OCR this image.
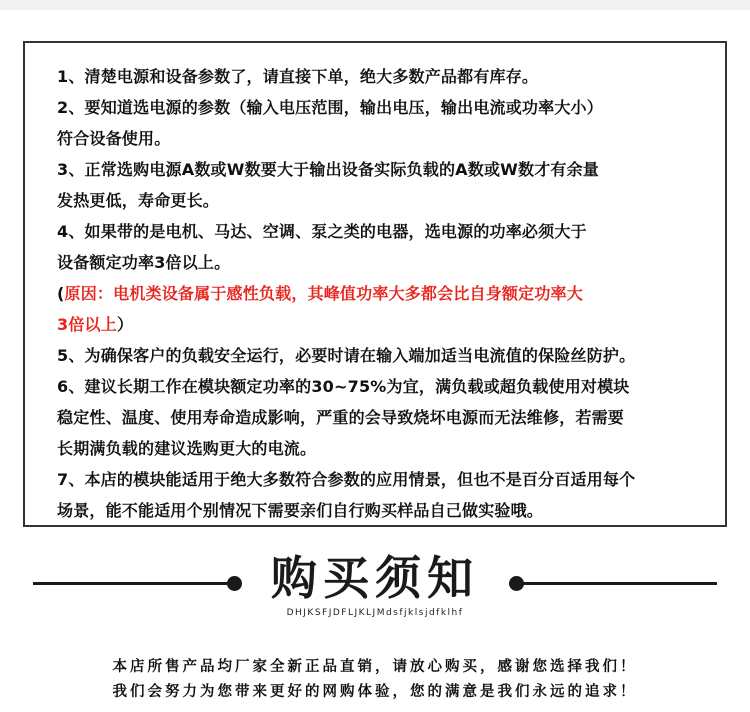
1、清楚电源和设备参数了，请直接下单，绝大多数产品都有库存。
2、要知道选电源的参数（输入电压范围，输出电压，输出电流或功率大小）
符合设备使用。
3、正常选购电源A数或W数要大于输出设备实际负载的A数或W数才有余量
发热更低，寿命更长。
4、如果带的是电机、马达、空调、泵之类的电器，选电源的功率必须大于
设备额定功率3倍以上。
(原因：电机类设备属于感性负载，其峰值功率大多都会比自身额定功率大
3倍以上）
5、为确保客户的负载安全运行，必要时请在输入端加适当电流值的保险丝防护。
6、建议长期工作在模块额定功率的30~75%为宜，满负载或超负载使用对模块
稳定性、温度、使用寿命造成影响，严重的会导致烧坏电源而无法维修，若需要
长期满负载的建议选购更大的电流。
7、本店的模块能适用于绝大多数符合参数的应用情景，但也不是百分百适用每个
场景，能不能适用个别情况下需要亲们自行购买样品自己做实验哦。
购买须知
DHJKSFJDFLJKLJMdsfjklsjdfklhf
本店所售产品均厂家全新正品直销，请放心购买，感谢您选择我们！
我们会努力为您带来更好的网购体验，您的满意是我们永远的追求！
